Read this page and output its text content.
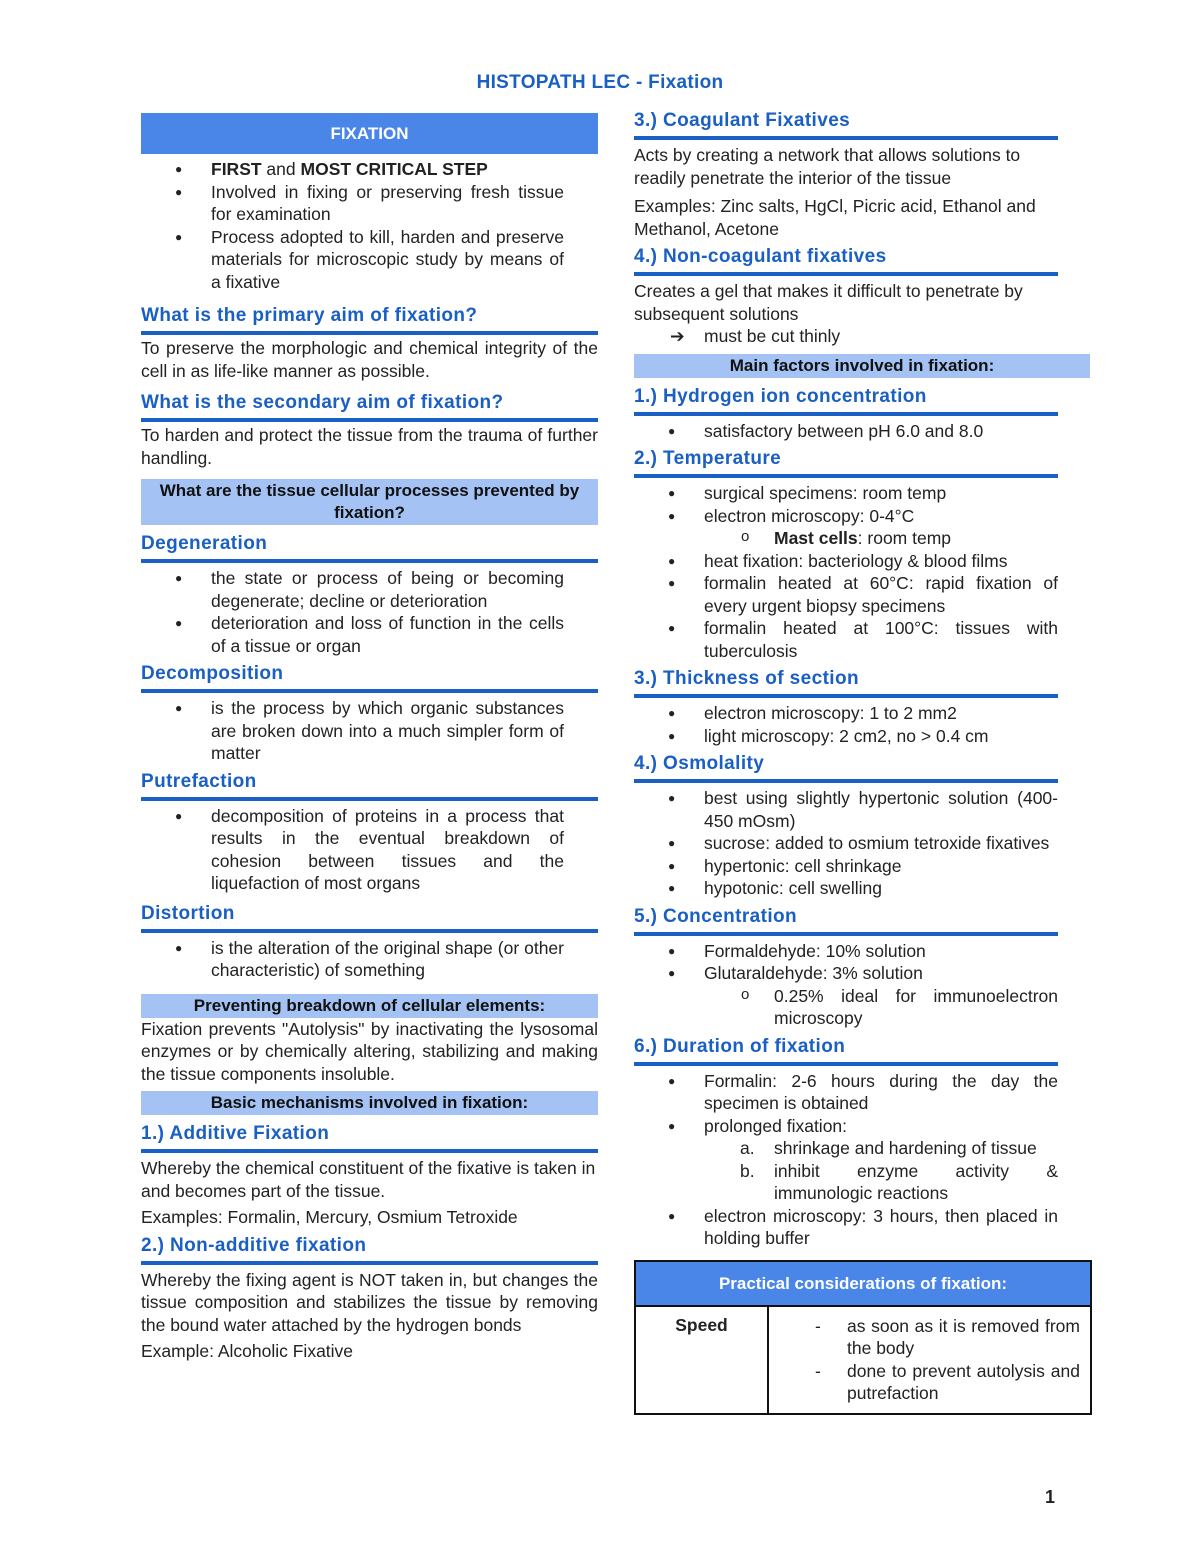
HISTOPATH LEC - Fixation
FIXATION
● FIRST and MOST CRITICAL STEP
● Involved in fixing or preserving fresh tissue for examination
● Process adopted to kill, harden and preserve materials for microscopic study by means of a fixative
What is the primary aim of fixation?

To preserve the morphologic and chemical integrity of the cell in as life-like manner as possible.

What is the secondary aim of fixation?

To harden and protect the tissue from the trauma of further handling.

What are the tissue cellular processes prevented by fixation?
Degeneration
● the state or process of being or becoming degenerate; decline or deterioration
● deterioration and loss of function in the cells of a tissue or organ
Decomposition
● is the process by which organic substances are broken down into a much simpler form of matter
Putrefaction
● decomposition of proteins in a process that results in the eventual breakdown of cohesion between tissues and the liquefaction of most organs
Distortion
● is the alteration of the original shape (or other characteristic) of something
Preventing breakdown of cellular elements:

Fixation prevents "Autolysis" by inactivating the lysosomal enzymes or by chemically altering, stabilizing and making the tissue components insoluble.

Basic mechanisms involved in fixation:
1.) Additive Fixation

Whereby the chemical constituent of the fixative is taken in and becomes part of the tissue.

Examples: Formalin, Mercury, Osmium Tetroxide

2.) Non-additive fixation

Whereby the fixing agent is NOT taken in, but changes the tissue composition and stabilizes the tissue by removing the bound water attached by the hydrogen bonds

Example: Alcoholic Fixative

3.) Coagulant Fixatives

Acts by creating a network that allows solutions to readily penetrate the interior of the tissue

Examples: Zinc salts, HgCl, Picric acid, Ethanol and Methanol, Acetone

4.) Non-coagulant fixatives

Creates a gel that makes it difficult to penetrate by subsequent solutions

➔ must be cut thinly
Main factors involved in fixation:
1.) Hydrogen ion concentration
● satisfactory between pH 6.0 and 8.0
2.) Temperature
● surgical specimens: room temp
● electron microscopy: 0-4°C
o Mast cells: room temp
● heat fixation: bacteriology & blood films
● formalin heated at 60°C: rapid fixation of every urgent biopsy specimens
● formalin heated at 100°C: tissues with tuberculosis
3.) Thickness of section
● electron microscopy: 1 to 2 mm2
● light microscopy: 2 cm2, no > 0.4 cm
4.) Osmolality
● best using slightly hypertonic solution (400-450 mOsm)
● sucrose: added to osmium tetroxide fixatives
● hypertonic: cell shrinkage
● hypotonic: cell swelling
5.) Concentration
● Formaldehyde: 10% solution
● Glutaraldehyde: 3% solution
o 0.25% ideal for immunoelectron microscopy
6.) Duration of fixation
● Formalin: 2-6 hours during the day the specimen is obtained
● prolonged fixation:
a. shrinkage and hardening of tissue
b. inhibit enzyme activity & immunologic reactions
● electron microscopy: 3 hours, then placed in holding buffer
Practical considerations of fixation:
Speed
-	as soon as it is removed from the body
- done to prevent autolysis and putrefaction
1
